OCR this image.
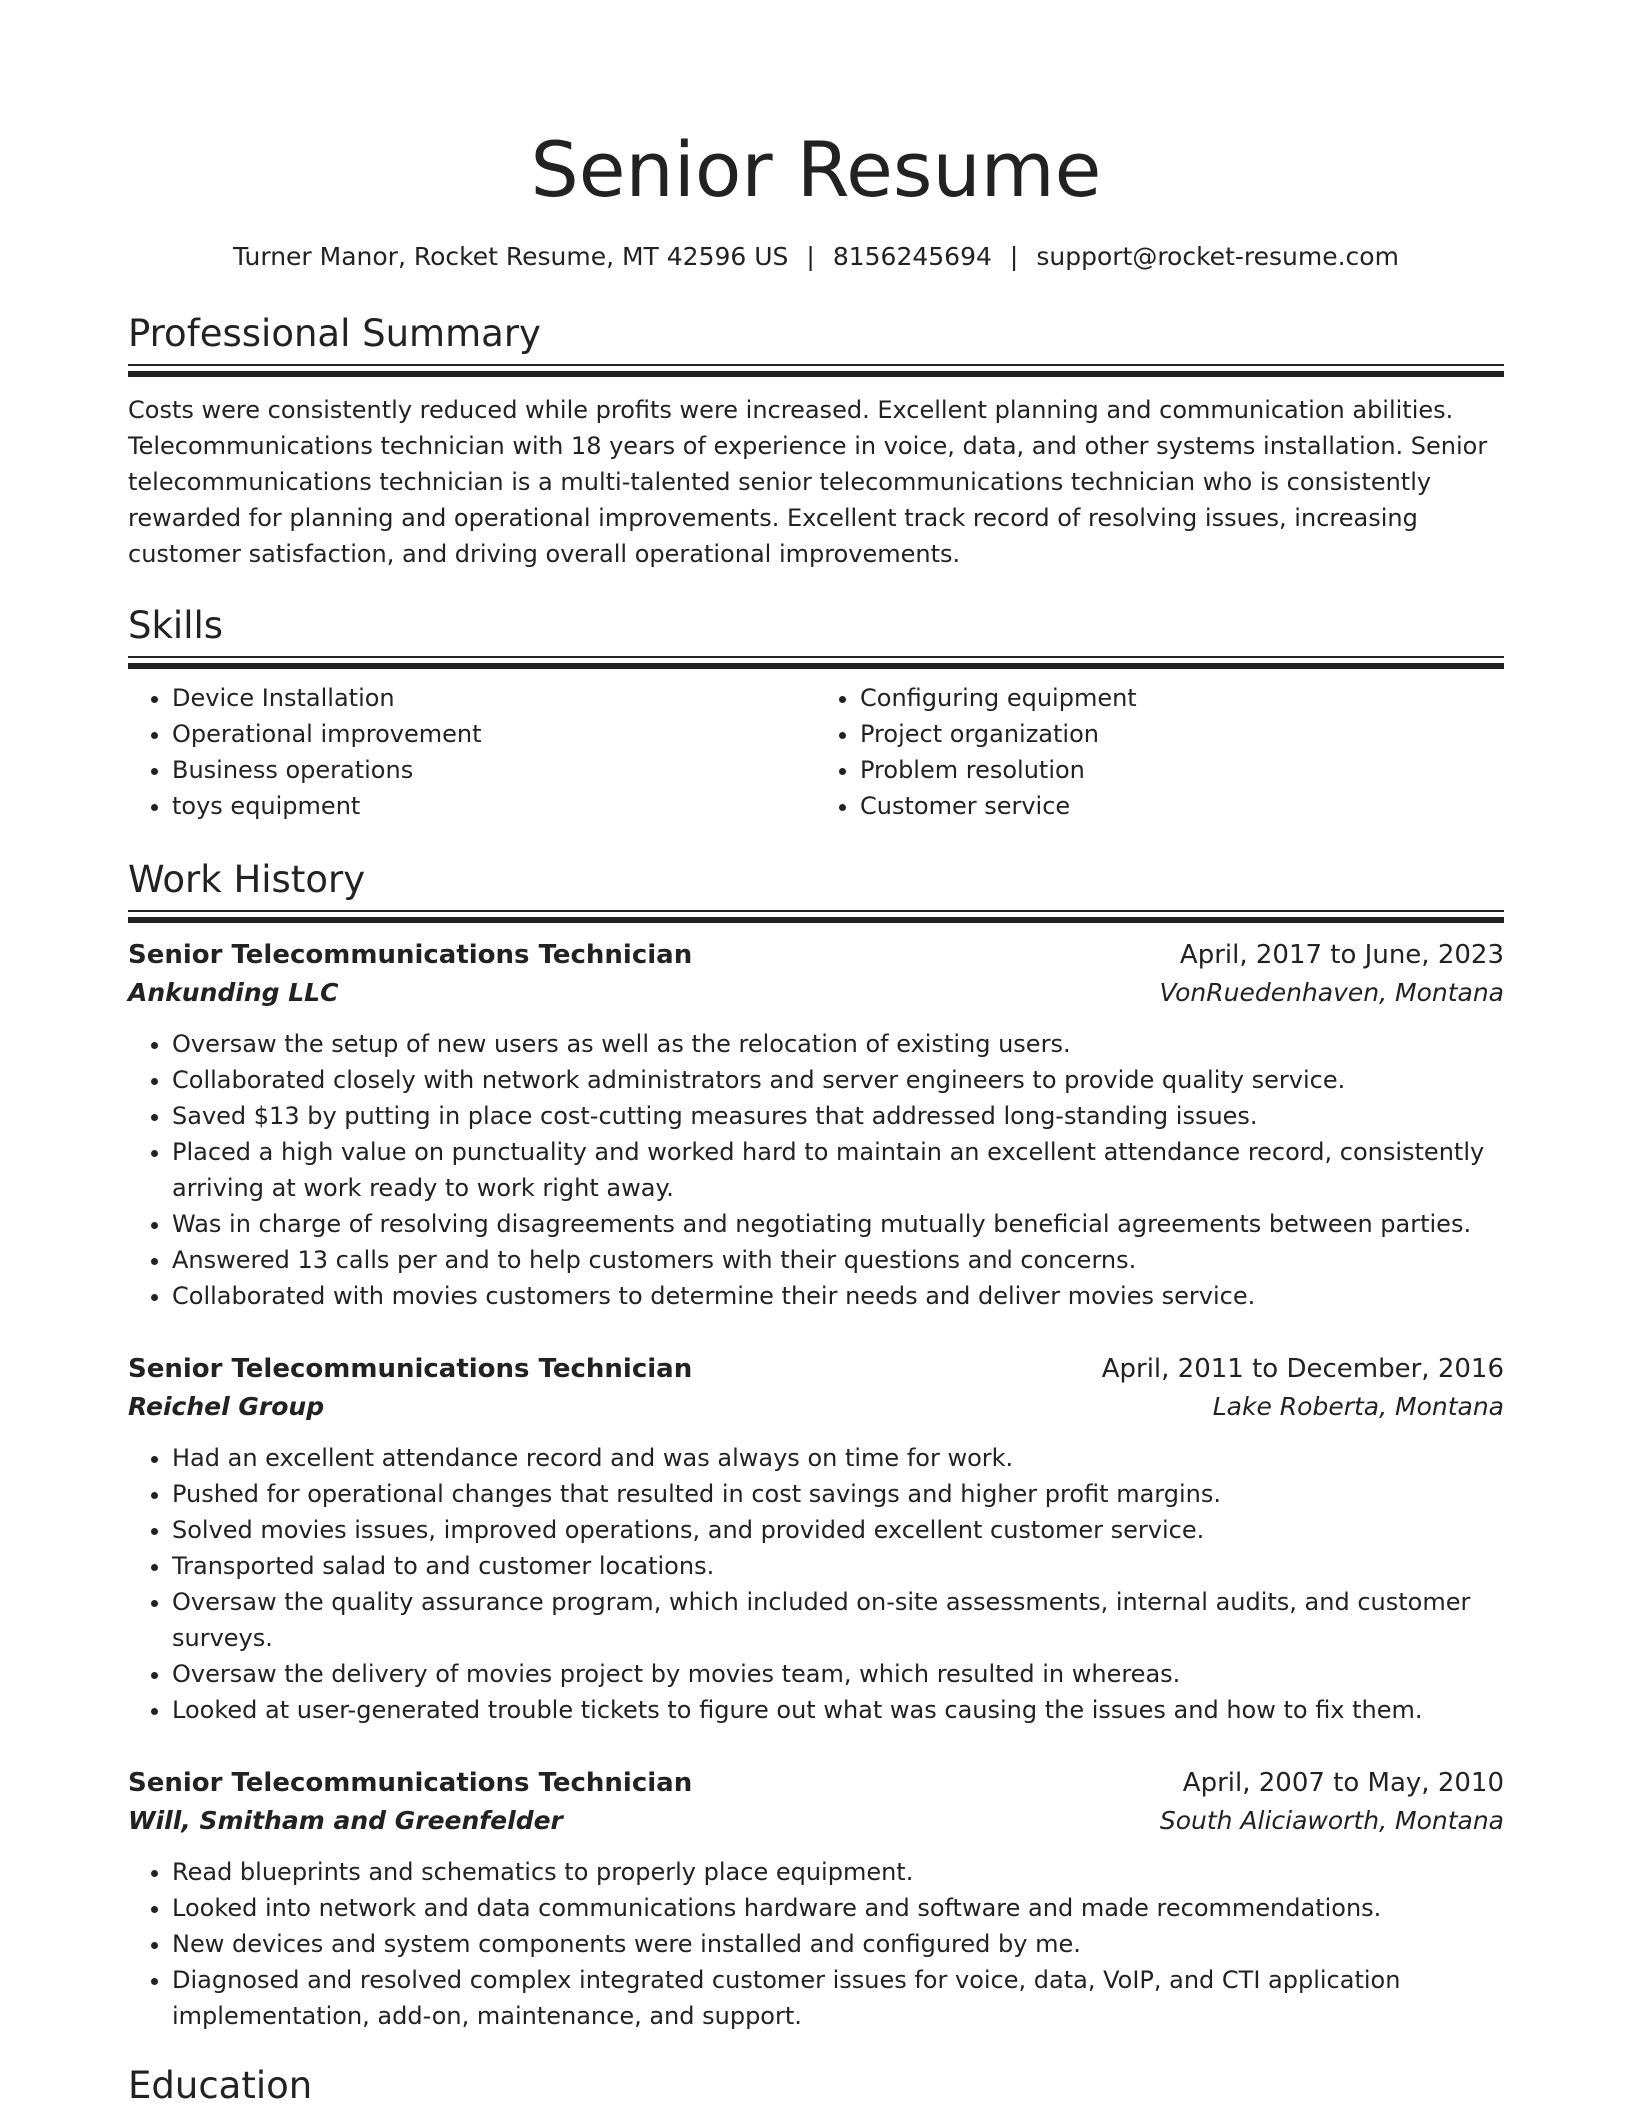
Senior Resume
Turner Manor, Rocket Resume, MT 42596 US | 8156245694 | support@rocket-resume.com
Professional Summary

Costs were consistently reduced while profits were increased. Excellent planning and communication abilities. Telecommunications technician with 18 years of experience in voice, data, and other systems installation. Senior telecommunications technician is a multi-talented senior telecommunications technician who is consistently rewarded for planning and operational improvements. Excellent track record of resolving issues, increasing customer satisfaction, and driving overall operational improvements.

Skills
• Device Installation
• Operational improvement
• Business operations
• toys equipment
• Configuring equipment
• Project organization
• Problem resolution
• Customer service
Work History
Senior Telecommunications Technician	April, 2017 to June, 2023
Ankunding LLC	VonRuedenhaven, Montana
• Oversaw the setup of new users as well as the relocation of existing users.
• Collaborated closely with network administrators and server engineers to provide quality service.
• Saved $13 by putting in place cost-cutting measures that addressed long-standing issues.
• Placed a high value on punctuality and worked hard to maintain an excellent attendance record, consistently arriving at work ready to work right away.
• Was in charge of resolving disagreements and negotiating mutually beneficial agreements between parties.
• Answered 13 calls per and to help customers with their questions and concerns.
• Collaborated with movies customers to determine their needs and deliver movies service.
Senior Telecommunications Technician	April, 2011 to December, 2016
Reichel Group	Lake Roberta, Montana
• Had an excellent attendance record and was always on time for work.
• Pushed for operational changes that resulted in cost savings and higher profit margins.
• Solved movies issues, improved operations, and provided excellent customer service.
• Transported salad to and customer locations.
• Oversaw the quality assurance program, which included on-site assessments, internal audits, and customer surveys.
• Oversaw the delivery of movies project by movies team, which resulted in whereas.
• Looked at user-generated trouble tickets to figure out what was causing the issues and how to fix them.
Senior Telecommunications Technician	April, 2007 to May, 2010
Will, Smitham and Greenfelder	South Aliciaworth, Montana
• Read blueprints and schematics to properly place equipment.
• Looked into network and data communications hardware and software and made recommendations.
• New devices and system components were installed and configured by me.
• Diagnosed and resolved complex integrated customer issues for voice, data, VoIP, and CTI application implementation, add-on, maintenance, and support.
Education
